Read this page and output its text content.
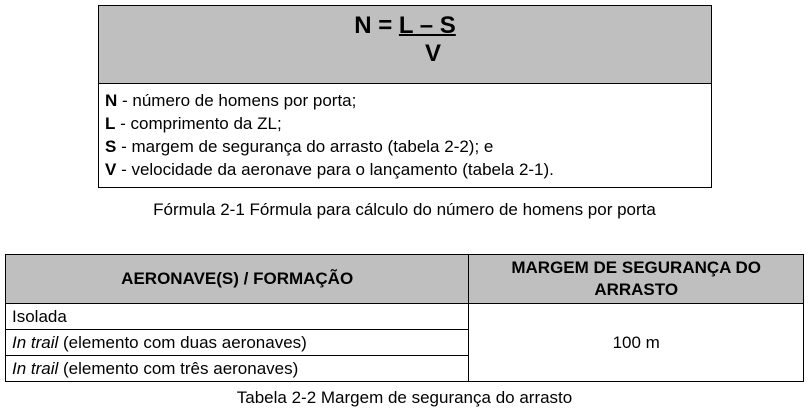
N = L – S
V
N - número de homens por porta;
L - comprimento da ZL;
S - margem de segurança do arrasto (tabela 2-2); e
V - velocidade da aeronave para o lançamento (tabela 2-1).
Fórmula 2-1 Fórmula para cálculo do número de homens por porta
AERONAVE(S) / FORMAÇÃO	MARGEM DE SEGURANÇA DO ARRASTO
Isolada	100 m
In trail (elemento com duas aeronaves)	
In trail (elemento com três aeronaves)	
Tabela 2-2 Margem de segurança do arrasto
